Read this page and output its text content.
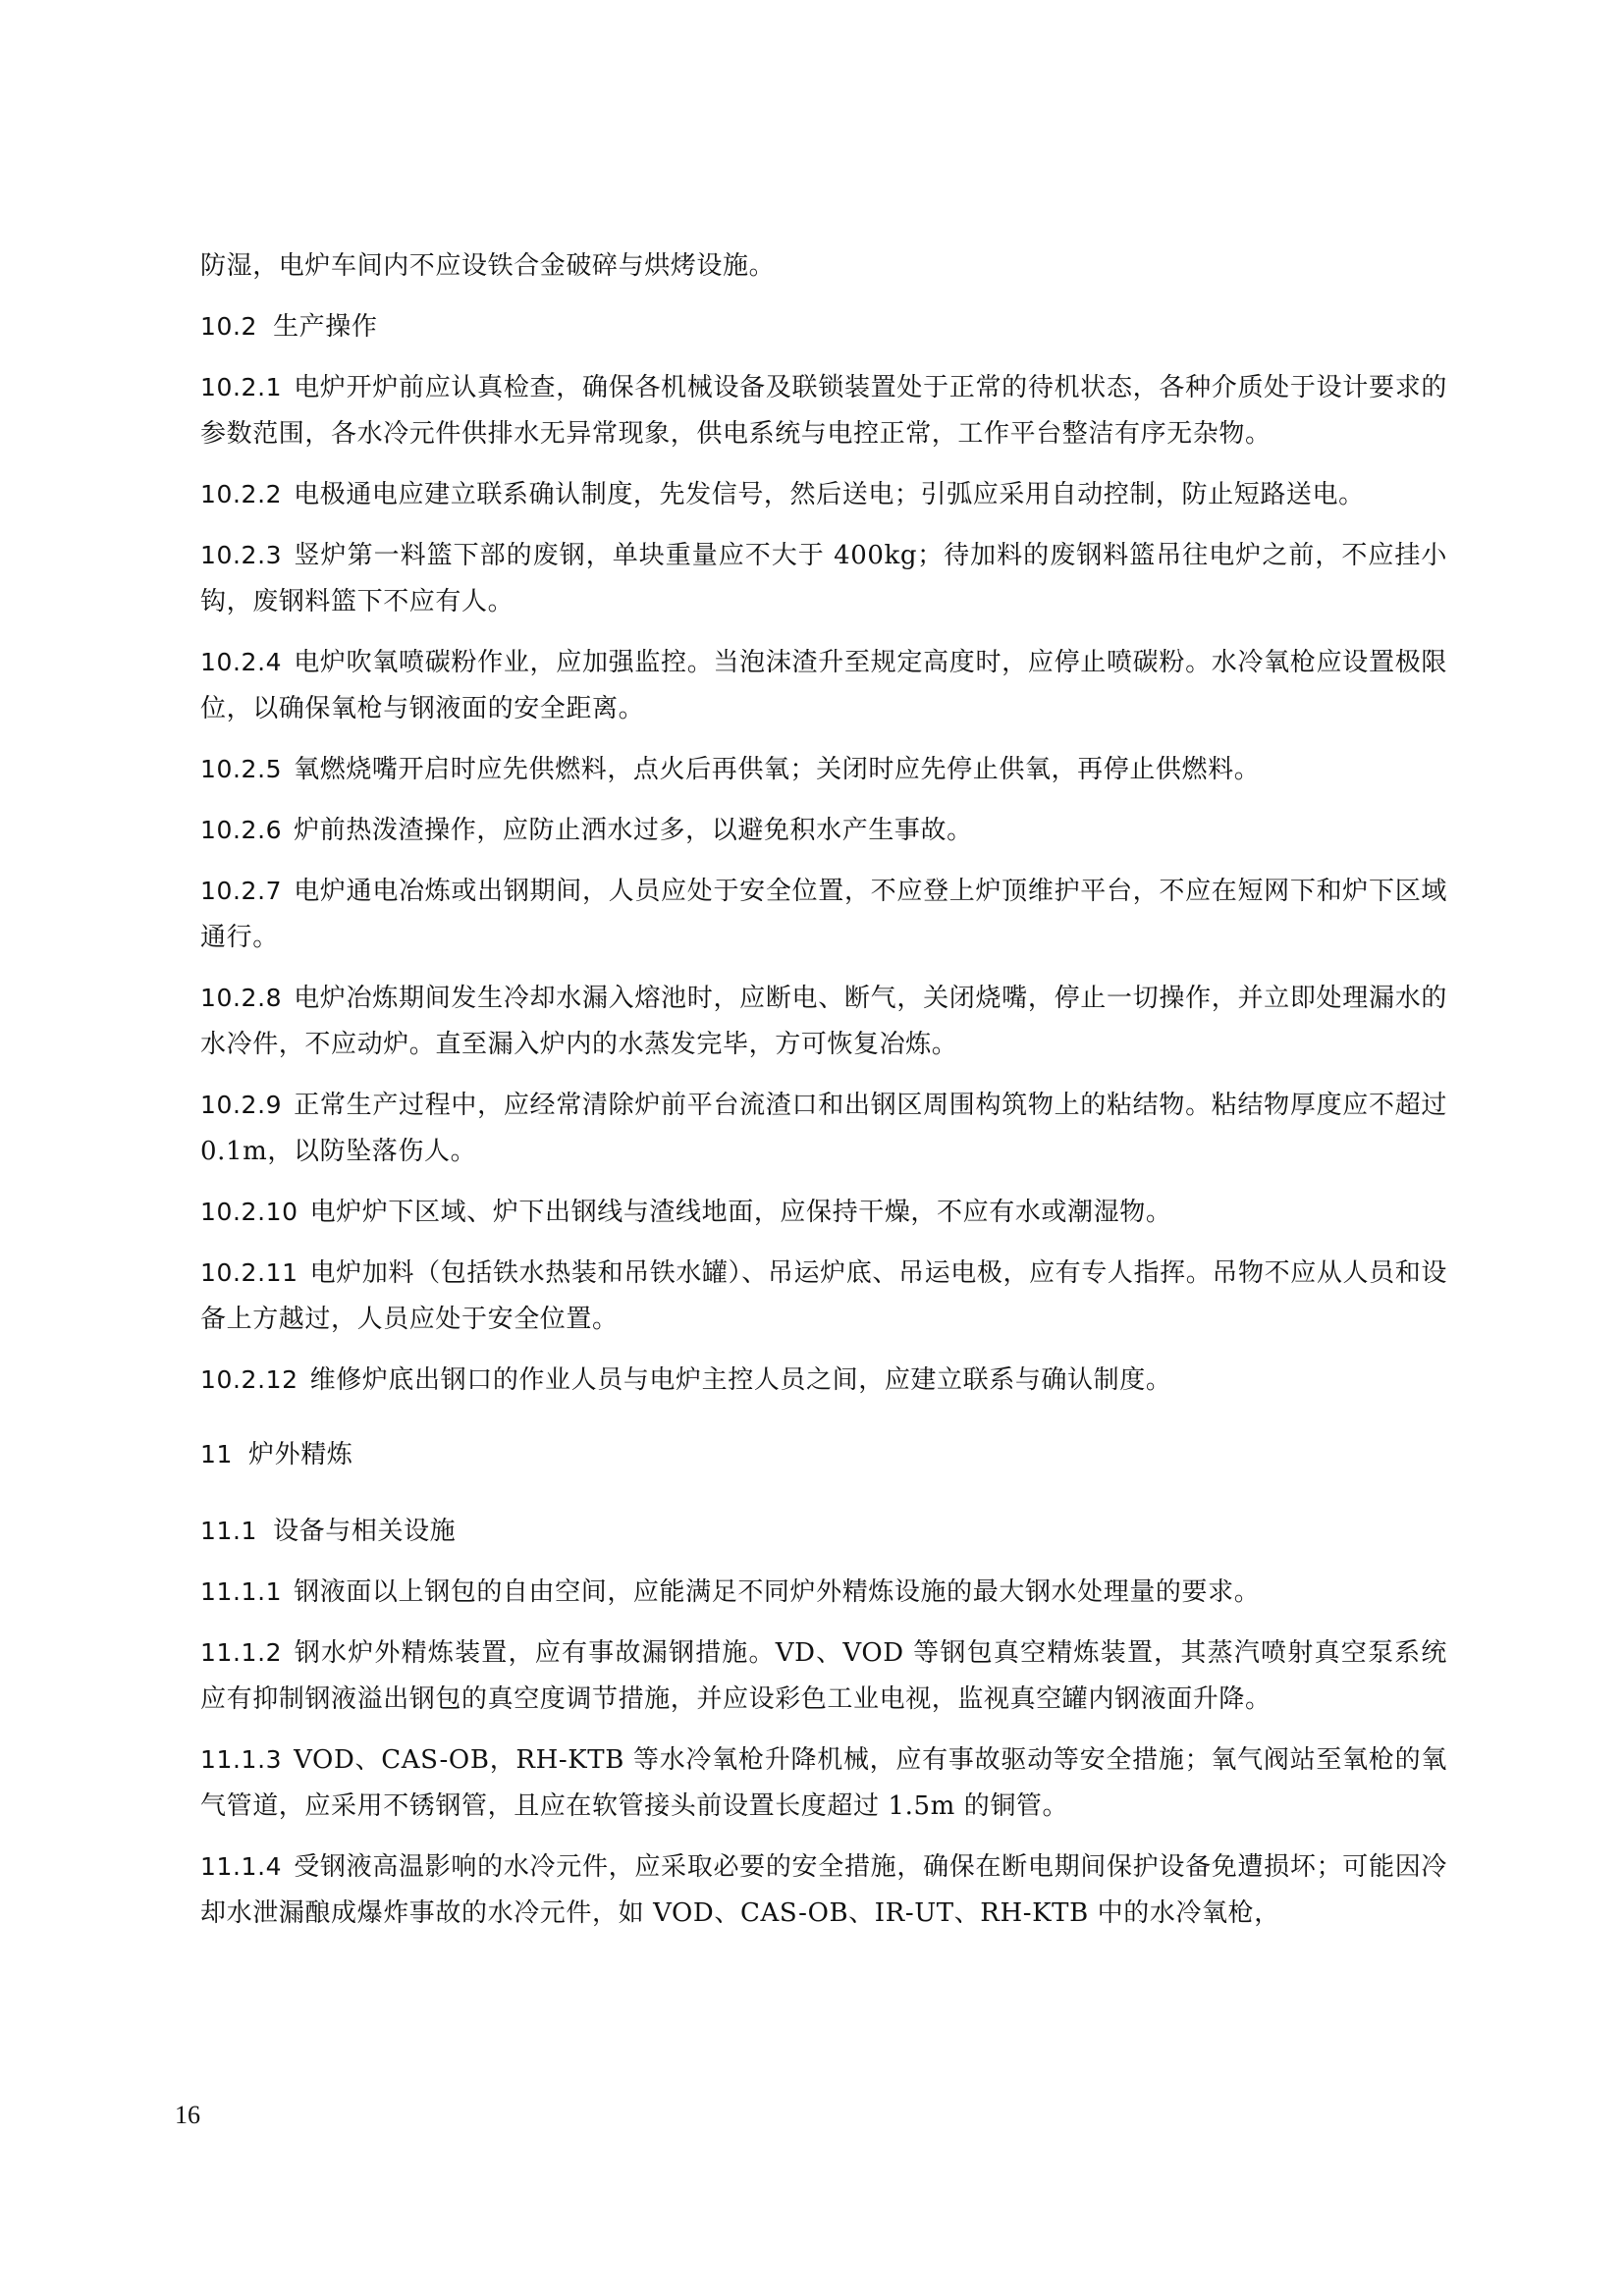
防湿，电炉车间内不应设铁合金破碎与烘烤设施。

10.2 生产操作

10.2.1 电炉开炉前应认真检查，确保各机械设备及联锁装置处于正常的待机状态，各种介质处于设计要求的参数范围，各水冷元件供排水无异常现象，供电系统与电控正常，工作平台整洁有序无杂物。

10.2.2 电极通电应建立联系确认制度，先发信号，然后送电；引弧应采用自动控制，防止短路送电。

10.2.3 竖炉第一料篮下部的废钢，单块重量应不大于 400kg；待加料的废钢料篮吊往电炉之前，不应挂小钩，废钢料篮下不应有人。

10.2.4 电炉吹氧喷碳粉作业，应加强监控。当泡沫渣升至规定高度时，应停止喷碳粉。水冷氧枪应设置极限位，以确保氧枪与钢液面的安全距离。

10.2.5 氧燃烧嘴开启时应先供燃料，点火后再供氧；关闭时应先停止供氧，再停止供燃料。

10.2.6 炉前热泼渣操作，应防止洒水过多，以避免积水产生事故。

10.2.7 电炉通电冶炼或出钢期间，人员应处于安全位置，不应登上炉顶维护平台，不应在短网下和炉下区域通行。

10.2.8 电炉冶炼期间发生冷却水漏入熔池时，应断电、断气，关闭烧嘴，停止一切操作，并立即处理漏水的水冷件，不应动炉。直至漏入炉内的水蒸发完毕，方可恢复冶炼。

10.2.9 正常生产过程中，应经常清除炉前平台流渣口和出钢区周围构筑物上的粘结物。粘结物厚度应不超过 0.1m，以防坠落伤人。

10.2.10 电炉炉下区域、炉下出钢线与渣线地面，应保持干燥，不应有水或潮湿物。

10.2.11 电炉加料（包括铁水热装和吊铁水罐）、吊运炉底、吊运电极，应有专人指挥。吊物不应从人员和设备上方越过，人员应处于安全位置。

10.2.12 维修炉底出钢口的作业人员与电炉主控人员之间，应建立联系与确认制度。

11 炉外精炼
11.1 设备与相关设施

11.1.1 钢液面以上钢包的自由空间，应能满足不同炉外精炼设施的最大钢水处理量的要求。

11.1.2 钢水炉外精炼装置，应有事故漏钢措施。VD、VOD 等钢包真空精炼装置，其蒸汽喷射真空泵系统应有抑制钢液溢出钢包的真空度调节措施，并应设彩色工业电视，监视真空罐内钢液面升降。

11.1.3 VOD、CAS-OB，RH-KTB 等水冷氧枪升降机械，应有事故驱动等安全措施；氧气阀站至氧枪的氧气管道，应采用不锈钢管，且应在软管接头前设置长度超过 1.5m 的铜管。

11.1.4 受钢液高温影响的水冷元件，应采取必要的安全措施，确保在断电期间保护设备免遭损坏；可能因冷却水泄漏酿成爆炸事故的水冷元件，如 VOD、CAS-OB、IR-UT、RH-KTB 中的水冷氧枪，

16
